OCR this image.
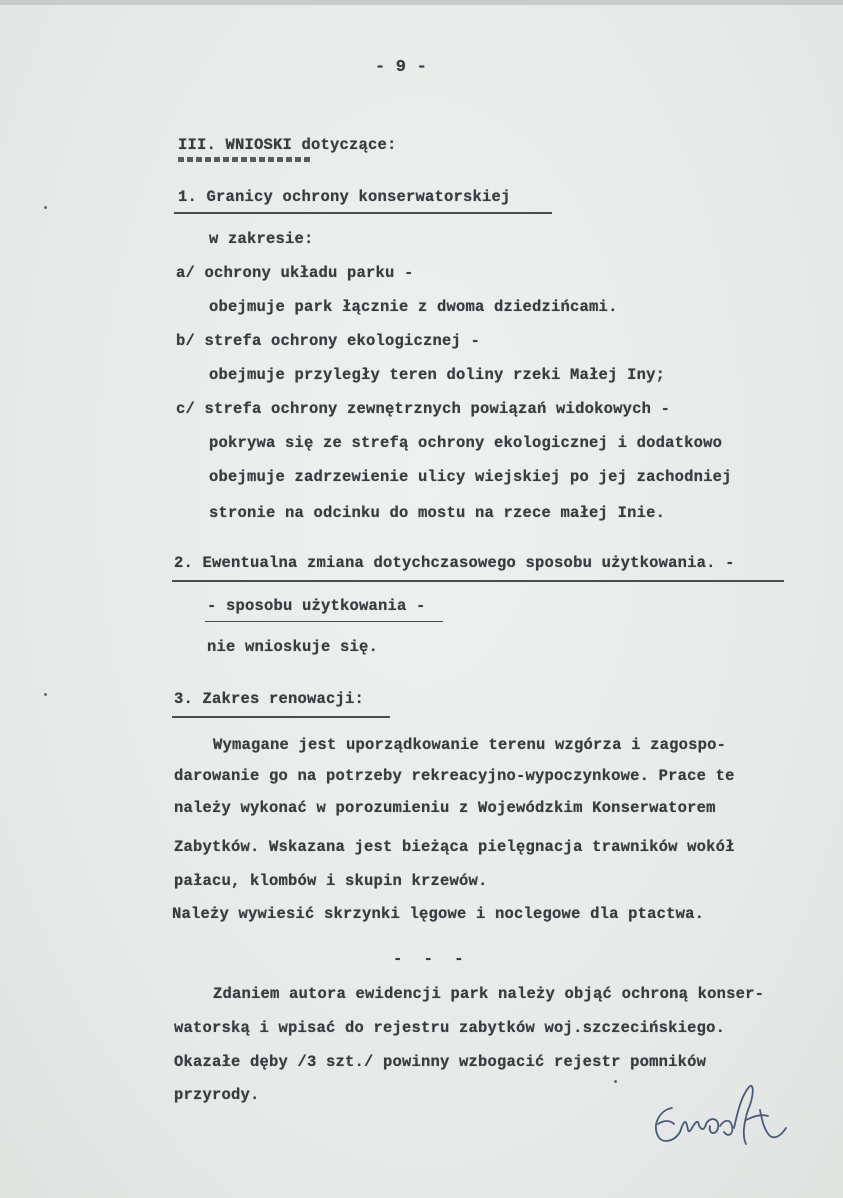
- 9 -
III. WNIOSKI dotyczące:
1. Granicy ochrony konserwatorskiej
w zakresie:
a/ ochrony układu parku -
obejmuje park łącznie z dwoma dziedzińcami.
b/ strefa ochrony ekologicznej -
obejmuje przyległy teren doliny rzeki Małej Iny;
c/ strefa ochrony zewnętrznych powiązań widokowych -
pokrywa się ze strefą ochrony ekologicznej i dodatkowo
obejmuje zadrzewienie ulicy wiejskiej po jej zachodniej
stronie na odcinku do mostu na rzece małej Inie.
2. Ewentualna zmiana dotychczasowego sposobu użytkowania. -
- sposobu użytkowania -
nie wnioskuje się.
3. Zakres renowacji:
Wymagane jest uporządkowanie terenu wzgórza i zagospo-
darowanie go na potrzeby rekreacyjno-wypoczynkowe. Prace te
należy wykonać w porozumieniu z Wojewódzkim Konserwatorem
Zabytków. Wskazana jest bieżąca pielęgnacja trawników wokół
pałacu, klombów i skupin krzewów.
Należy wywiesić skrzynki lęgowe i noclegowe dla ptactwa.
- - -
Zdaniem autora ewidencji park należy objąć ochroną konser-
watorską i wpisać do rejestru zabytków woj.szczecińskiego.
Okazałe dęby /3 szt./ powinny wzbogacić rejestr pomników
przyrody.
